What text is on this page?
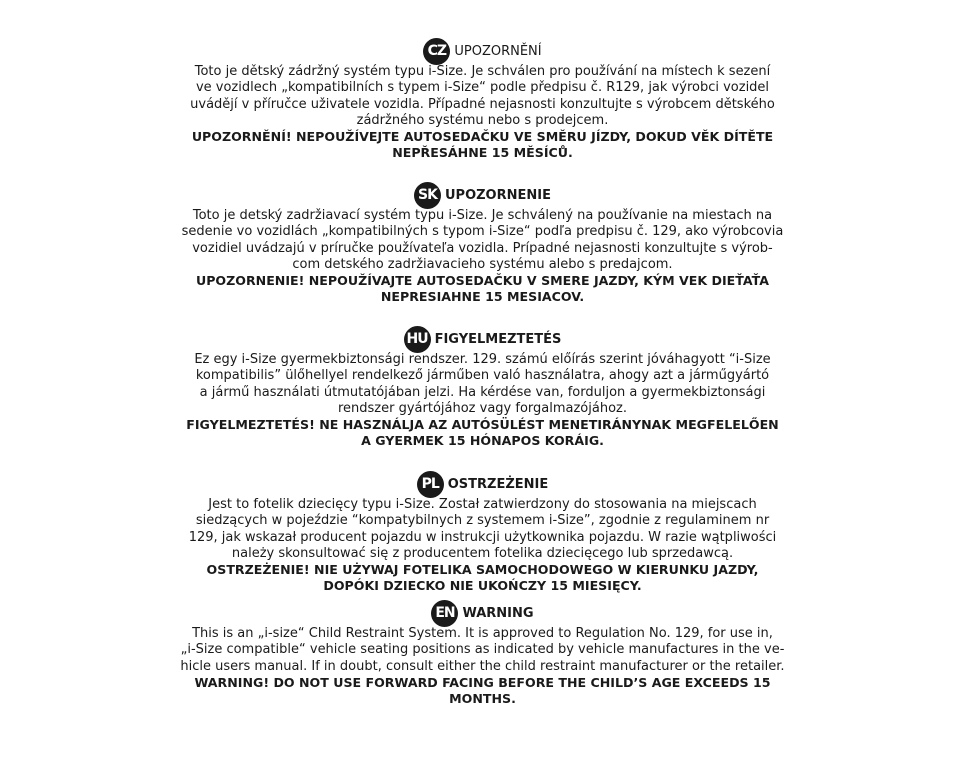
CZ UPOZORNĚNÍ
Toto je dětský zádržný systém typu i-Size. Je schválen pro používání na místech k sezení
ve vozidlech „kompatibilních s typem i-Size“ podle předpisu č. R129, jak výrobci vozidel
uvádějí v příručce uživatele vozidla. Případné nejasnosti konzultujte s výrobcem dětského
zádržného systému nebo s prodejcem.
UPOZORNĚNÍ! NEPOUŽÍVEJTE AUTOSEDAČKU VE SMĚRU JÍZDY, DOKUD VĚK DÍTĚTE
NEPŘESÁHNE 15 MĚSÍCŮ.
SK UPOZORNENIE
Toto je detský zadržiavací systém typu i-Size. Je schválený na používanie na miestach na
sedenie vo vozidlách „kompatibilných s typom i-Size“ podľa predpisu č. 129, ako výrobcovia
vozidiel uvádzajú v príručke používateľa vozidla. Prípadné nejasnosti konzultujte s výrob-
com detského zadržiavacieho systému alebo s predajcom.
UPOZORNENIE! NEPOUŽÍVAJTE AUTOSEDAČKU V SMERE JAZDY, KÝM VEK DIEŤAŤA
NEPRESIAHNE 15 MESIACOV.
HU FIGYELMEZTETÉS
Ez egy i-Size gyermekbiztonsági rendszer. 129. számú előírás szerint jóváhagyott “i-Size
kompatibilis” ülőhellyel rendelkező járműben való használatra, ahogy azt a járműgyártó
a jármű használati útmutatójában jelzi. Ha kérdése van, forduljon a gyermekbiztonsági
rendszer gyártójához vagy forgalmazójához.
FIGYELMEZTETÉS! NE HASZNÁLJA AZ AUTÓSÜLÉST MENETIRÁNYNAK MEGFELELŐEN
A GYERMEK 15 HÓNAPOS KORÁIG.
PL OSTRZEŻENIE
Jest to fotelik dziecięcy typu i-Size. Został zatwierdzony do stosowania na miejscach
siedzących w pojeździe “kompatybilnych z systemem i-Size”, zgodnie z regulaminem nr
129, jak wskazał producent pojazdu w instrukcji użytkownika pojazdu. W razie wątpliwości
należy skonsultować się z producentem fotelika dziecięcego lub sprzedawcą.
OSTRZEŻENIE! NIE UŻYWAJ FOTELIKA SAMOCHODOWEGO W KIERUNKU JAZDY,
DOPÓKI DZIECKO NIE UKOŃCZY 15 MIESIĘCY.
EN WARNING
This is an „i-size“ Child Restraint System. It is approved to Regulation No. 129, for use in,
„i-Size compatible“ vehicle seating positions as indicated by vehicle manufactures in the ve-
hicle users manual. If in doubt, consult either the child restraint manufacturer or the retailer.
WARNING! DO NOT USE FORWARD FACING BEFORE THE CHILD’S AGE EXCEEDS 15
MONTHS.
